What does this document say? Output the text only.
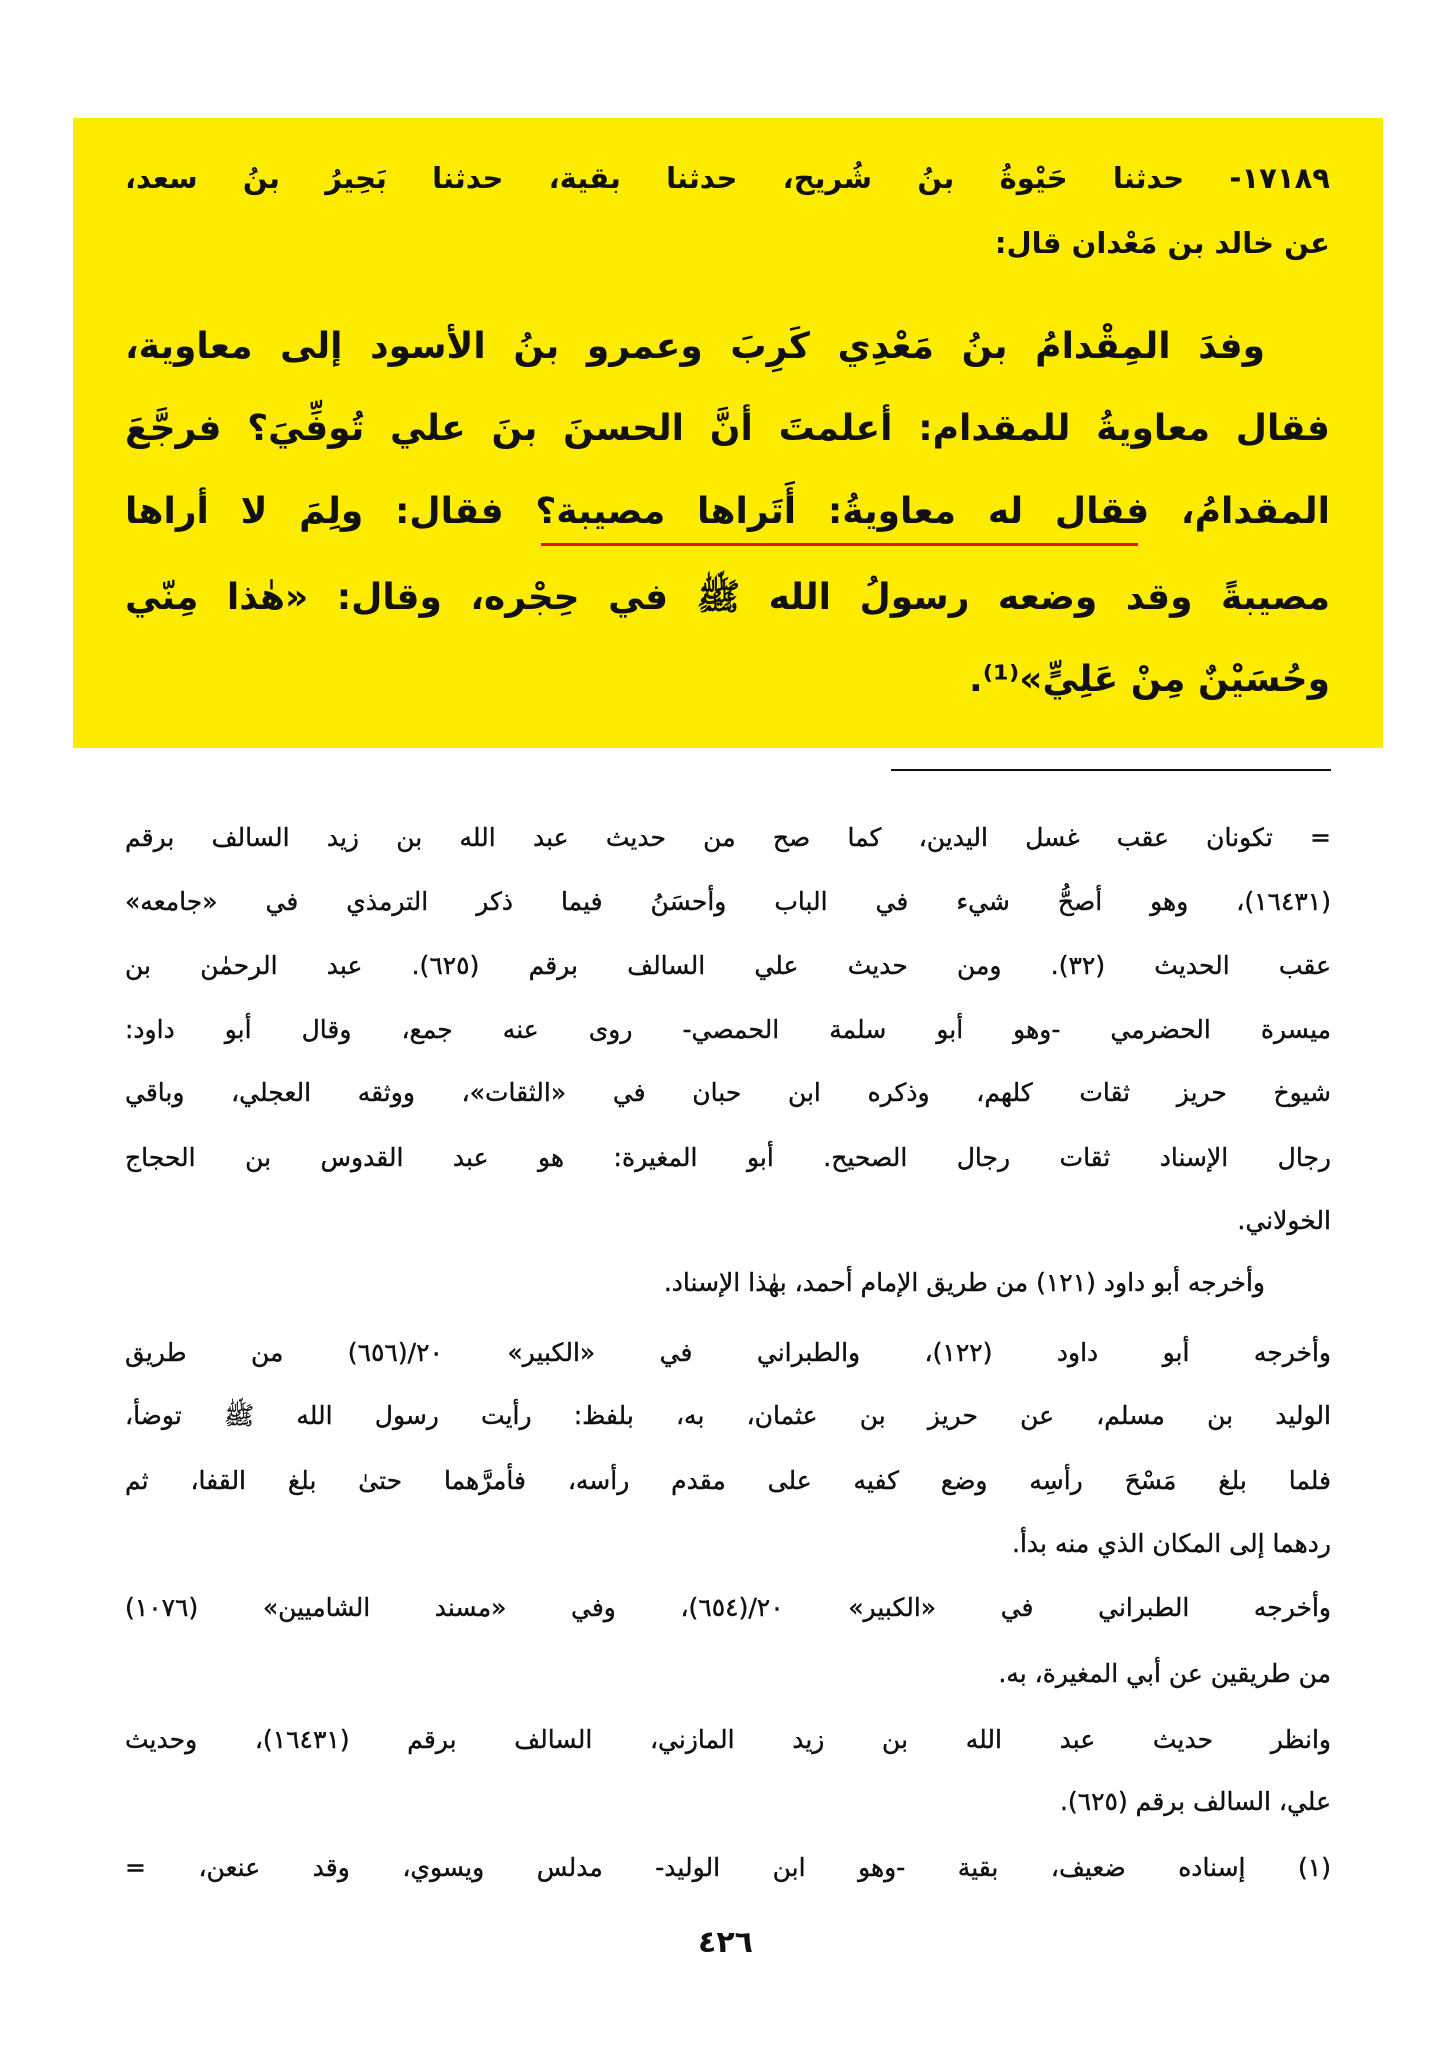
١٧١٨٩- حدثنا حَيْوةُ بنُ شُريح، حدثنا بقية، حدثنا بَحِيرُ بنُ سعد،
عن خالد بن مَعْدان قال:
وفدَ المِقْدامُ بنُ مَعْدِي كَرِبَ وعمرو بنُ الأسود إلى معاوية،
فقال معاويةُ للمقدام: أعلمتَ أنَّ الحسنَ بنَ علي تُوفِّيَ؟ فرجَّعَ
المقدامُ، فقال له معاويةُ: أَتَراها مصيبة؟ فقال: ولِمَ لا أراها
مصيبةً وقد وضعه رسولُ الله ﷺ في حِجْره، وقال: «هٰذا مِنّي
وحُسَيْنٌ مِنْ عَلِيٍّ»⁽¹⁾.
= تكونان عقب غسل اليدين، كما صح من حديث عبد الله بن زيد السالف برقم
(١٦٤٣١)، وهو أصحُّ شيء في الباب وأحسَنُ فيما ذكر الترمذي في «جامعه»
عقب الحديث (٣٢). ومن حديث علي السالف برقم (٦٢٥). عبد الرحمٰن بن
ميسرة الحضرمي -وهو أبو سلمة الحمصي- روى عنه جمع، وقال أبو داود:
شيوخ حريز ثقات كلهم، وذكره ابن حبان في «الثقات»، ووثقه العجلي، وباقي
رجال الإسناد ثقات رجال الصحيح. أبو المغيرة: هو عبد القدوس بن الحجاج
الخولاني.
وأخرجه أبو داود (١٢١) من طريق الإمام أحمد، بهٰذا الإسناد.
وأخرجه أبو داود (١٢٢)، والطبراني في «الكبير» ٢٠/(٦٥٦) من طريق
الوليد بن مسلم، عن حريز بن عثمان، به، بلفظ: رأيت رسول الله ﷺ توضأ،
فلما بلغ مَسْحَ رأسِه وضع كفيه على مقدم رأسه، فأمرَّهما حتىٰ بلغ القفا، ثم
ردهما إلى المكان الذي منه بدأ.
وأخرجه الطبراني في «الكبير» ٢٠/(٦٥٤)، وفي «مسند الشاميين» (١٠٧٦)
من طريقين عن أبي المغيرة، به.
وانظر حديث عبد الله بن زيد المازني، السالف برقم (١٦٤٣١)، وحديث
علي، السالف برقم (٦٢٥).
(١) إسناده ضعيف، بقية -وهو ابن الوليد- مدلس ويسوي، وقد عنعن، =
٤٢٦
